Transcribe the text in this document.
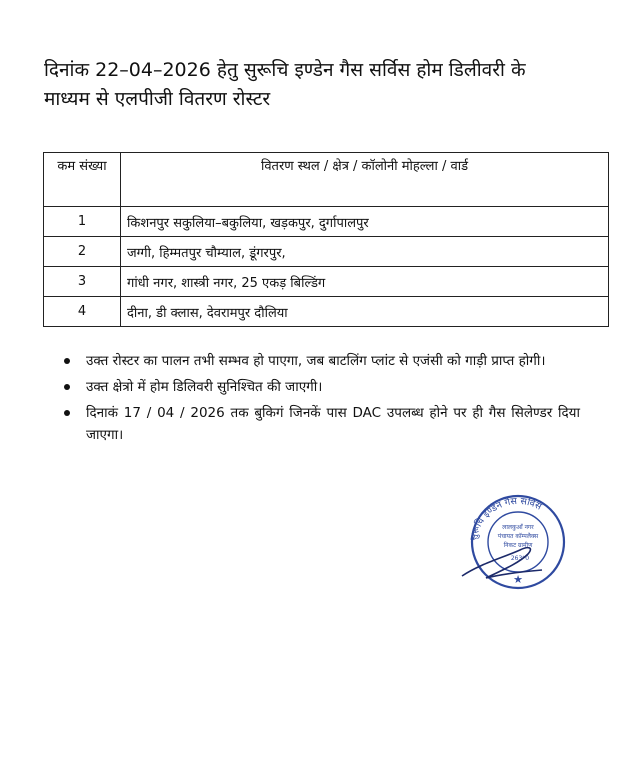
दिनांक 22–04–2026 हेतु सुरूचि इण्डेन गैस सर्विस होम डिलीवरी के
माध्यम से एलपीजी वितरण रोस्टर
कम संख्या	वितरण स्थल / क्षेत्र / कॉलोनी मोहल्ला / वार्ड
1	किशनपुर सकुलिया–बकुलिया, खड़कपुर, दुर्गापालपुर
2	जग्गी, हिम्मतपुर चौम्याल, डूंगरपुर,
3	गांधी नगर, शास्त्री नगर, 25 एकड़ बिल्डिंग
4	दीना, डी क्लास, देवरामपुर दौलिया
उक्त रोस्टर का पालन तभी सम्भव हो पाएगा, जब बाटलिंग प्लांट से एजंसी को गाड़ी प्राप्त होगी।
उक्त क्षेत्रो में होम डिलिवरी सुनिश्चित की जाएगी।
दिनाकं 17 / 04 / 2026 तक बुकिगं जिनकें पास DAC उपलब्ध होने पर ही गैस सिलेण्डर दिया जाएगा।
सुरूचि इण्डेन गैस सर्विस
लालकुआँ नगर
पंचायत कॉम्पलैक्स
निकट ग्रामीण
263*0
★
